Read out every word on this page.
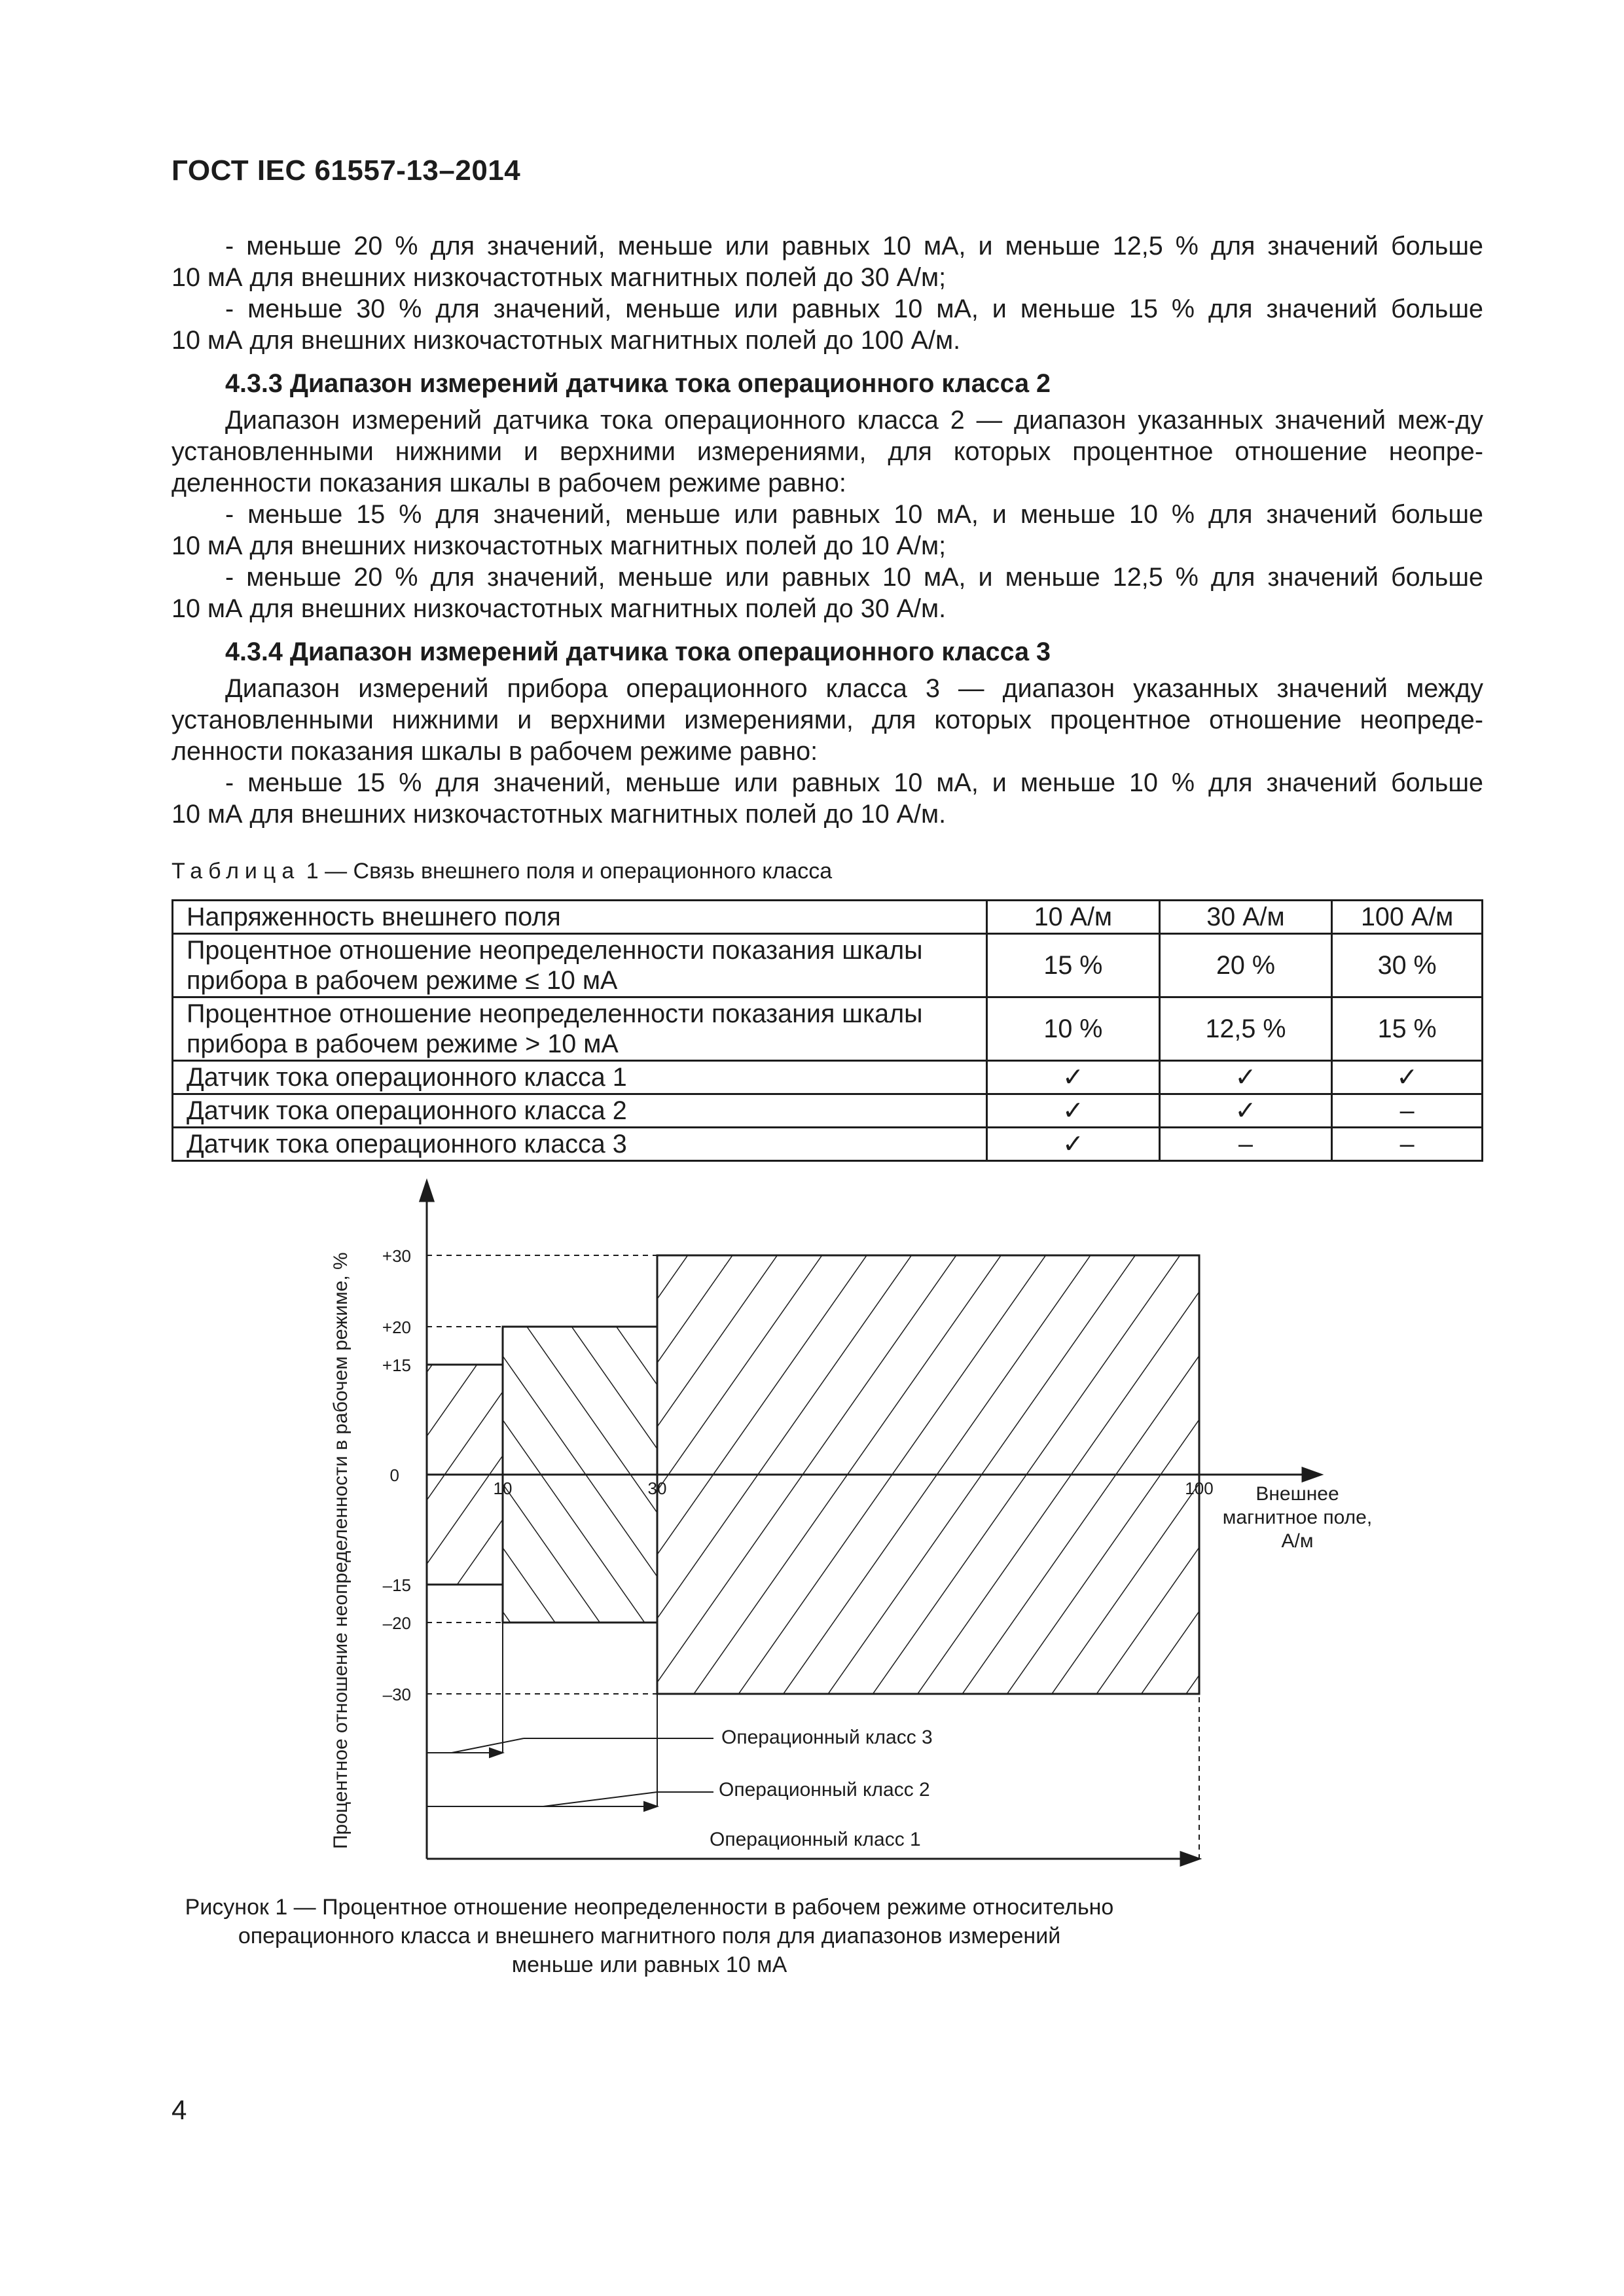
ГОСТ IEC 61557-13–2014

- меньше 20 % для значений, меньше или равных 10 мА, и меньше 12,5 % для значений больше

10 мА для внешних низкочастотных магнитных полей до 30 А/м;

- меньше 30 % для значений, меньше или равных 10 мА, и меньше 15 % для значений больше

10 мА для внешних низкочастотных магнитных полей до 100 А/м.

4.3.3 Диапазон измерений датчика тока операционного класса 2

Диапазон измерений датчика тока операционного класса 2 — диапазон указанных значений меж-ду установленными нижними и верхними измерениями, для которых процентное отношение неопре-деленности показания шкалы в рабочем режиме равно:

- меньше 15 % для значений, меньше или равных 10 мА, и меньше 10 % для значений больше

10 мА для внешних низкочастотных магнитных полей до 10 А/м;

- меньше 20 % для значений, меньше или равных 10 мА, и меньше 12,5 % для значений больше

10 мА для внешних низкочастотных магнитных полей до 30 А/м.

4.3.4 Диапазон измерений датчика тока операционного класса 3

Диапазон измерений прибора операционного класса 3 — диапазон указанных значений между установленными нижними и верхними измерениями, для которых процентное отношение неопреде-ленности показания шкалы в рабочем режиме равно:

- меньше 15 % для значений, меньше или равных 10 мА, и меньше 10 % для значений больше

10 мА для внешних низкочастотных магнитных полей до 10 А/м.

Таблица 1 — Связь внешнего поля и операционного класса
Напряженность внешнего поля	10 А/м	30 А/м	100 А/м
Процентное отношение неопределенности показания шкалы прибора в рабочем режиме ≤ 10 мА	15 %	20 %	30 %
Процентное отношение неопределенности показания шкалы прибора в рабочем режиме > 10 мА	10 %	12,5 %	15 %
Датчик тока операционного класса 1	✓	✓	✓
Датчик тока операционного класса 2	✓	✓	–
Датчик тока операционного класса 3	✓	–	–
+30
+20
+15
0
–15
–20
–30
10	30	100
Процентное отношение неопределенности в рабочем режиме, %	Внешнее
магнитное поле,
А/м
Операционный класс 3
Операционный класс 2
Операционный класс 1
Рисунок 1 — Процентное отношение неопределенности в рабочем режиме относительно
операционного класса и внешнего магнитного поля для диапазонов измерений
меньше или равных 10 мА
4
